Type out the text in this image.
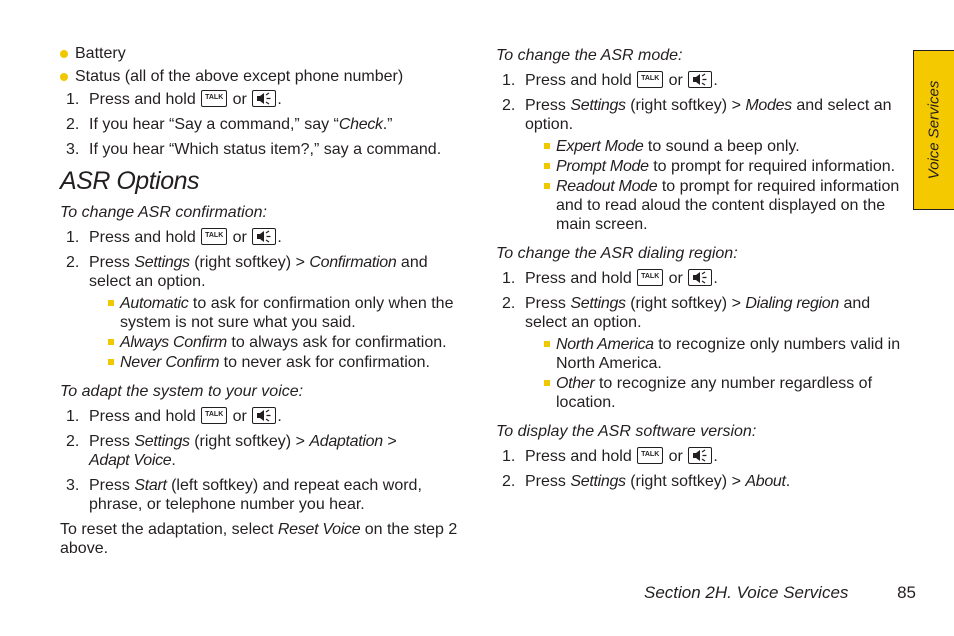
Battery
Status (all of the above except phone number)
1. Press and hold	TALK or .
2. If you hear “Say a command,” say “Check.”
3. If you hear “Which status item?,” say a command.
ASR Options
To change ASR confirmation:
1. Press and hold	TALK or .
2. Press Settings (right softkey) > Confirmation and select an option.
Automatic to ask for confirmation only when the system is not sure what you said.
Always Confirm to always ask for confirmation.
Never Confirm to never ask for confirmation.
To adapt the system to your voice:
1. Press and hold	TALK or .
2. Press Settings (right softkey) > Adaptation >
Adapt Voice.
3. Press Start (left softkey) and repeat each word, phrase, or telephone number you hear.
To reset the adaptation, select Reset Voice on the step 2 above.
To change the ASR mode:
1. Press and hold	TALK or .
2. Press Settings (right softkey) > Modes and select an option.
Expert Mode to sound a beep only.
Prompt Mode to prompt for required information.
Readout Mode to prompt for required information and to read aloud the content displayed on the main screen.
To change the ASR dialing region:
1. Press and hold	TALK or .
2. Press Settings (right softkey) > Dialing region and select an option.
North America to recognize only numbers valid in North America.
Other to recognize any number regardless of location.
To display the ASR software version:
1. Press and hold	TALK or .
2. Press Settings (right softkey) > About.
Voice Services
Section 2H. Voice Services	85
